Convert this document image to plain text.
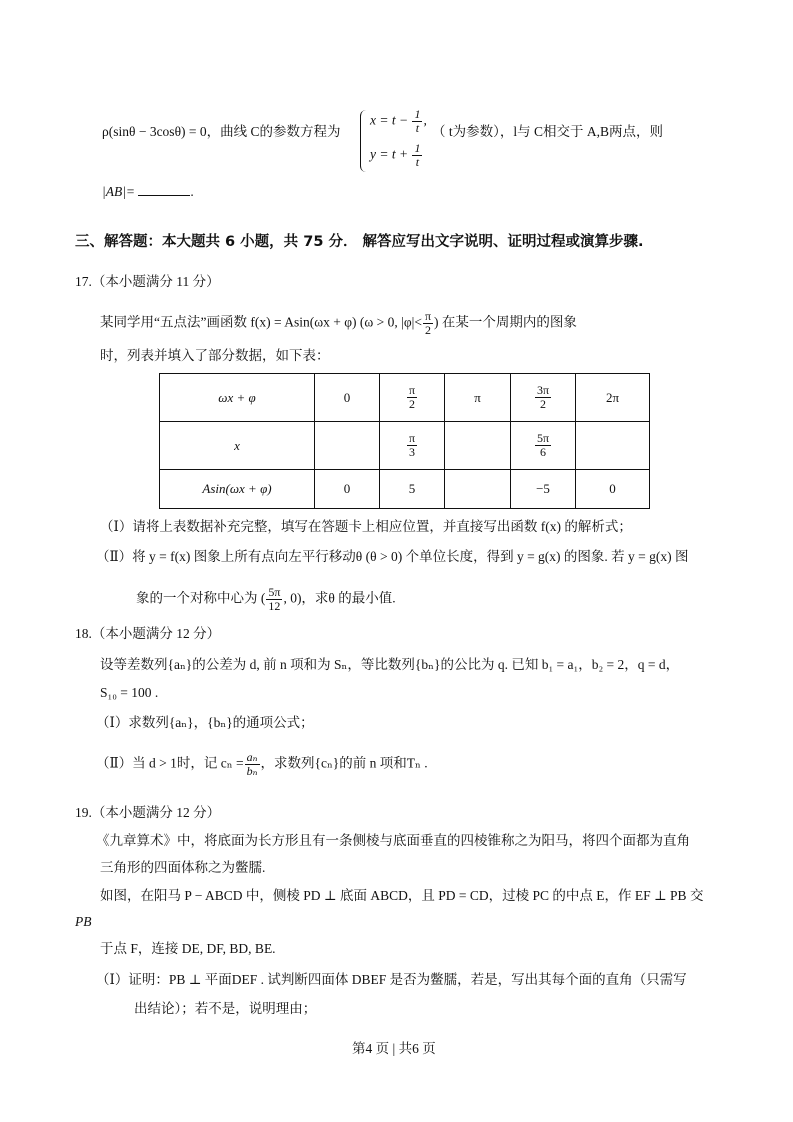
ρ(sinθ − 3cosθ) = 0，曲线 C的参数方程为
$x = t - \frac{1}{t}$ ,
$y = t + \frac{1}{t}$
（ t为参数），l与 C相交于 A,B两点，则
|AB|=	.
三、解答题：本大题共 6 小题，共 75 分． 解答应写出文字说明、证明过程或演算步骤.
17.（本小题满分 11 分）
某同学用“五点法”画函数 f(x) = Asin(ωx + φ) (ω > 0, $|\varphi|< \frac{\pi}{2}$ ) 在某一个周期内的图象
时，列表并填入了部分数据，如下表：
ωx + φ	0	$\frac{\pi}{2}$	π	$\frac{3\pi}{2}$	2π
x		$\frac{\pi}{3}$		$\frac{5\pi}{6}$

Asin(ωx + φ)	0	5		−5	0
（Ⅰ）请将上表数据补充完整，填写在答题卡上相应位置，并直接写出函数 f(x) 的解析式；
（Ⅱ）将 y = f(x) 图象上所有点向左平行移动θ (θ > 0) 个单位长度，得到 y = g(x) 的图象. 若 y = g(x) 图
象的一个对称中心为 ( $\frac{5\pi}{12}$ , 0)，求θ 的最小值.
18.（本小题满分 12 分）
设等差数列{aₙ}的公差为 d, 前 n 项和为 Sₙ，等比数列{bₙ}的公比为 q. 已知 b₁ = a₁，b₂ = 2，q = d，
S₁₀ = 100 .
（Ⅰ）求数列{aₙ}，{bₙ}的通项公式；
（Ⅱ）当 d > 1时，记 $c_n = \frac{\text{aₙ}}{\text{bₙ}}$ ，求数列{cₙ}的前 n 项和Tₙ .
19.（本小题满分 12 分）
《九章算术》中，将底面为长方形且有一条侧棱与底面垂直的四棱锥称之为阳马，将四个面都为直角
三角形的四面体称之为鳖臑.
如图，在阳马 P − ABCD 中，侧棱 PD ⊥ 底面 ABCD，且 PD = CD，过棱 PC 的中点 E，作 EF ⊥ PB 交
PB
于点 F，连接 DE, DF, BD, BE.
（Ⅰ）证明：PB ⊥ 平面DEF . 试判断四面体 DBEF 是否为鳖臑，若是，写出其每个面的直角（只需写
出结论）；若不是，说明理由；
第4 页 | 共6 页
